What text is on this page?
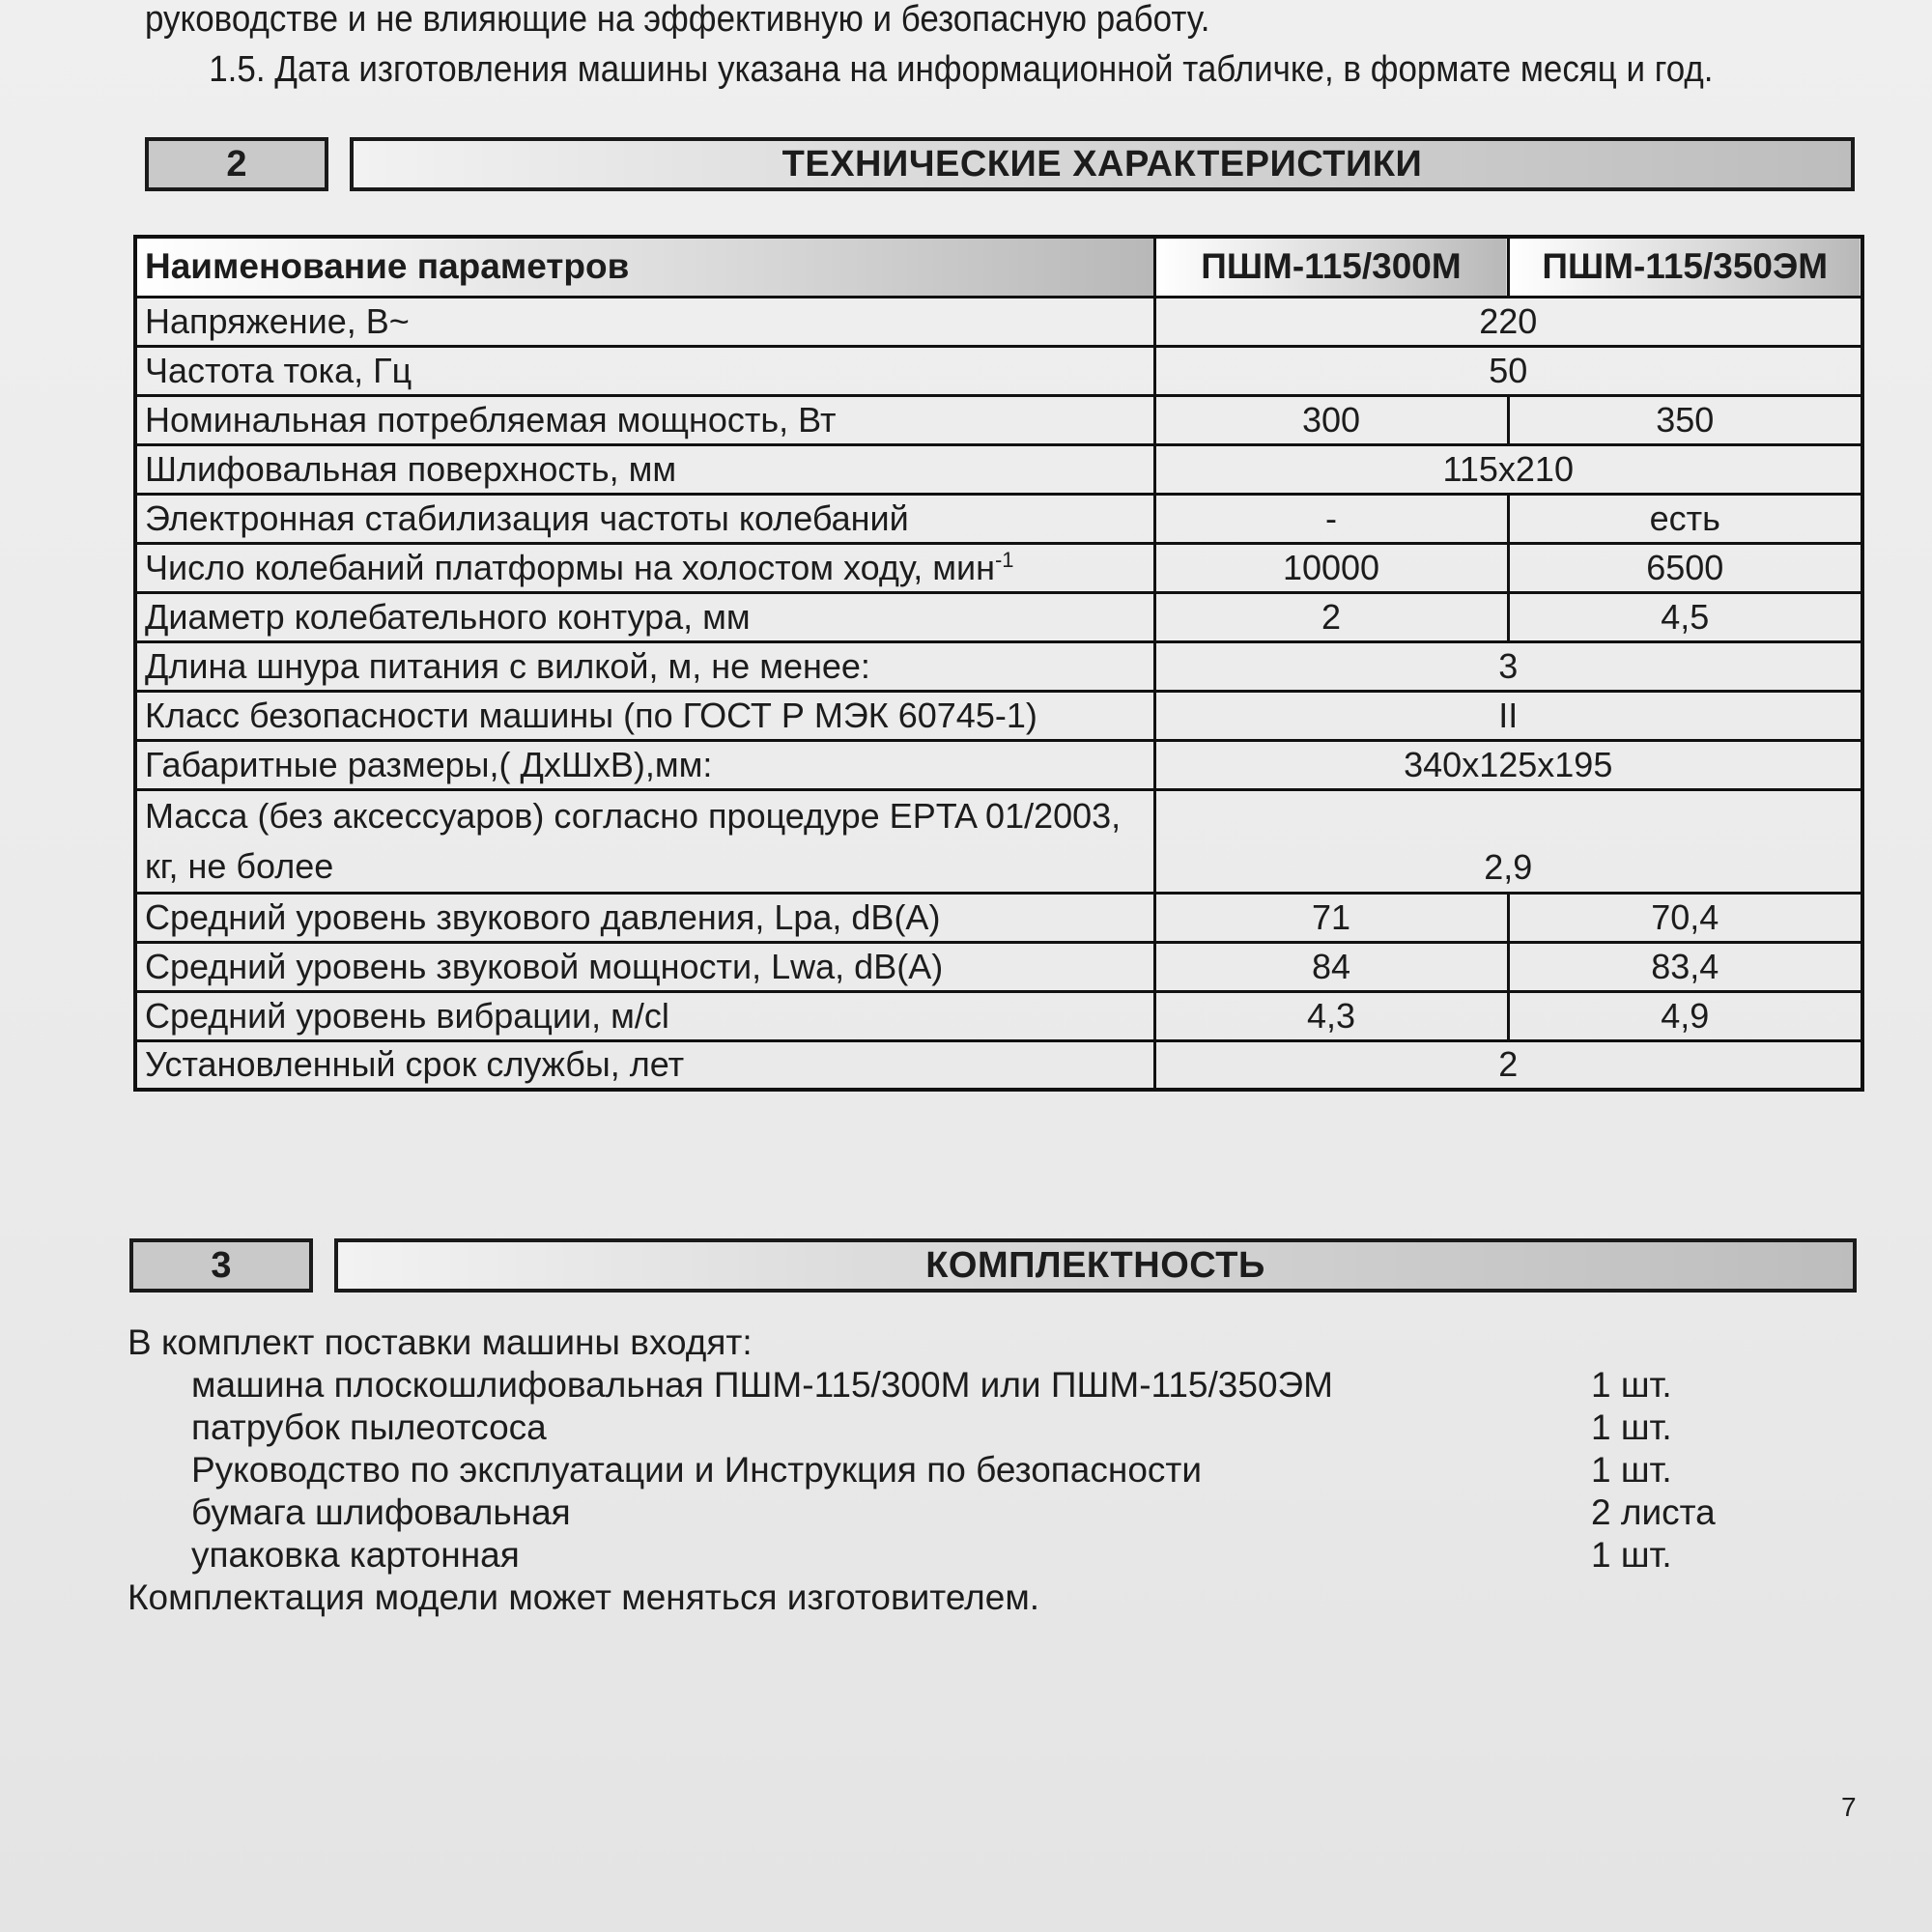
руководстве и не влияющие на эффективную и безопасную работу.

1.5. Дата изготовления машины указана на информационной табличке, в формате месяц и год.

2	ТЕХНИЧЕСКИЕ ХАРАКТЕРИСТИКИ
Наименование параметров	ПШМ-115/300М	ПШМ-115/350ЭМ
Напряжение, В~	220	
Частота тока, Гц	50	
Номинальная потребляемая мощность, Вт	300	350
Шлифовальная поверхность, мм	115х210	
Электронная стабилизация частоты колебаний	-	есть
Число колебаний платформы на холостом ходу, мин$^{-1}$	10000	6500
Диаметр колебательного контура, мм	2	4,5
Длина шнура питания с вилкой, м, не менее:	3	
Класс безопасности машины (по ГОСТ Р МЭК 60745-1)	II	
Габаритные размеры,( ДхШхВ),мм:	340х125х195	
Масса (без аксессуаров) согласно процедуре EPTA 01/2003, кг, не более	2,9	
Средний уровень звукового давления, Lpa, dB(A)	71	70,4
Средний уровень звуковой мощности, Lwa, dB(A)	84	83,4
Средний уровень вибрации, м/сl	4,3	4,9
Установленный срок службы, лет	2	
3	КОМПЛЕКТНОСТЬ

В комплект поставки машины входят:

машина плоскошлифовальная ПШМ-115/300М или ПШМ-115/350ЭМ	1 шт.
патрубок пылеотсоса	1 шт.
Руководство по эксплуатации и Инструкция по безопасности	1 шт.
бумага шлифовальная	2 листа
упаковка картонная	1 шт.

Комплектация модели может меняться изготовителем.

7
